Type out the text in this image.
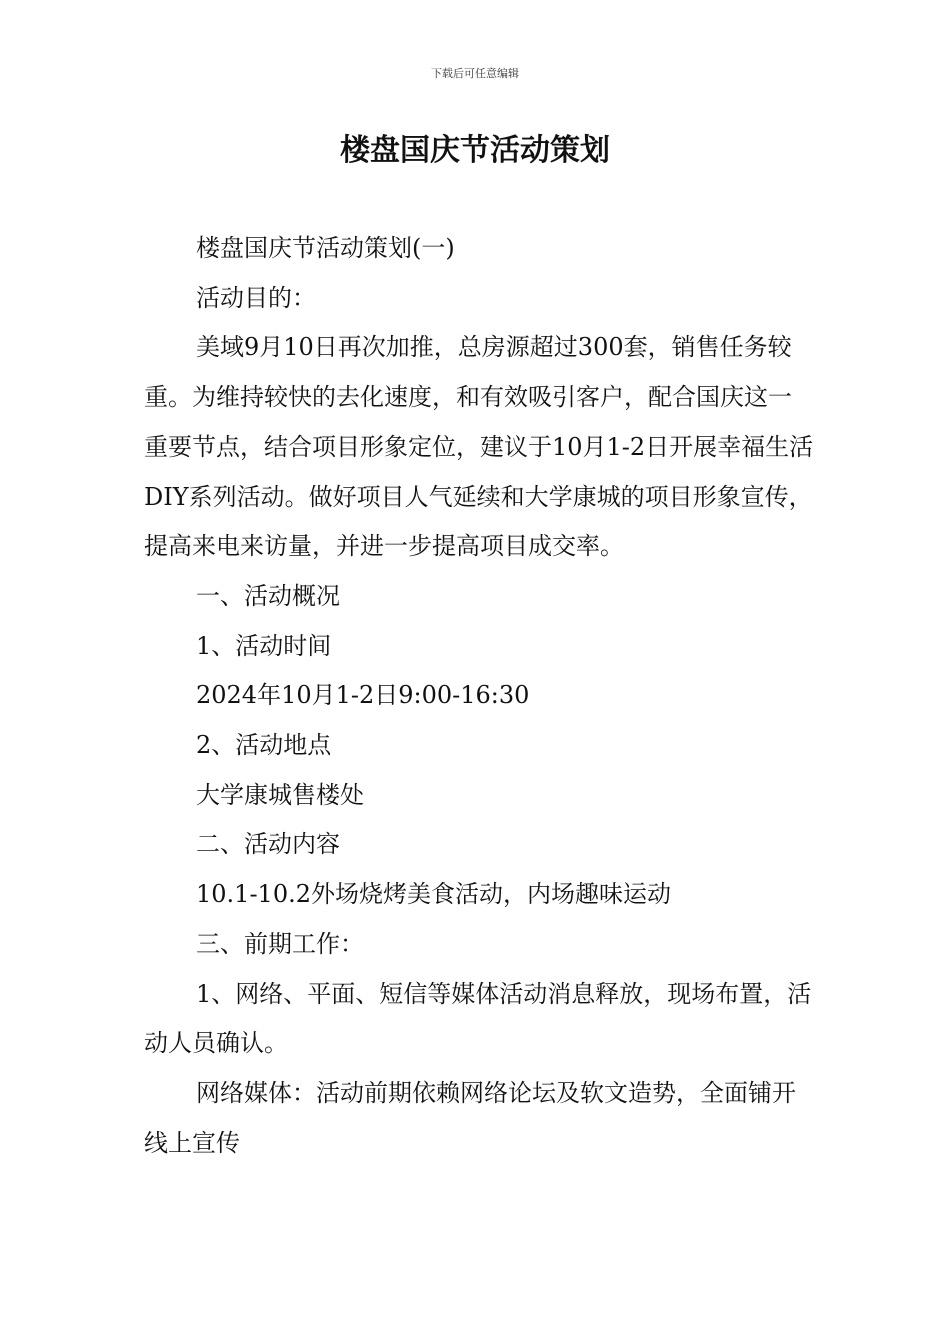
下载后可任意编辑
楼盘国庆节活动策划

楼盘国庆节活动策划(一)

活动目的：

美域9月10日再次加推，总房源超过300套，销售任务较重。为维持较快的去化速度，和有效吸引客户，配合国庆这一重要节点，结合项目形象定位，建议于10月1-2日开展幸福生活DIY系列活动。做好项目人气延续和大学康城的项目形象宣传，提高来电来访量，并进一步提高项目成交率。

一、活动概况

1、活动时间

2024年10月1-2日9:00-16:30

2、活动地点

大学康城售楼处

二、活动内容

10.1-10.2外场烧烤美食活动，内场趣味运动

三、前期工作：

1、网络、平面、短信等媒体活动消息释放，现场布置，活动人员确认。

网络媒体：活动前期依赖网络论坛及软文造势，全面铺开线上宣传
